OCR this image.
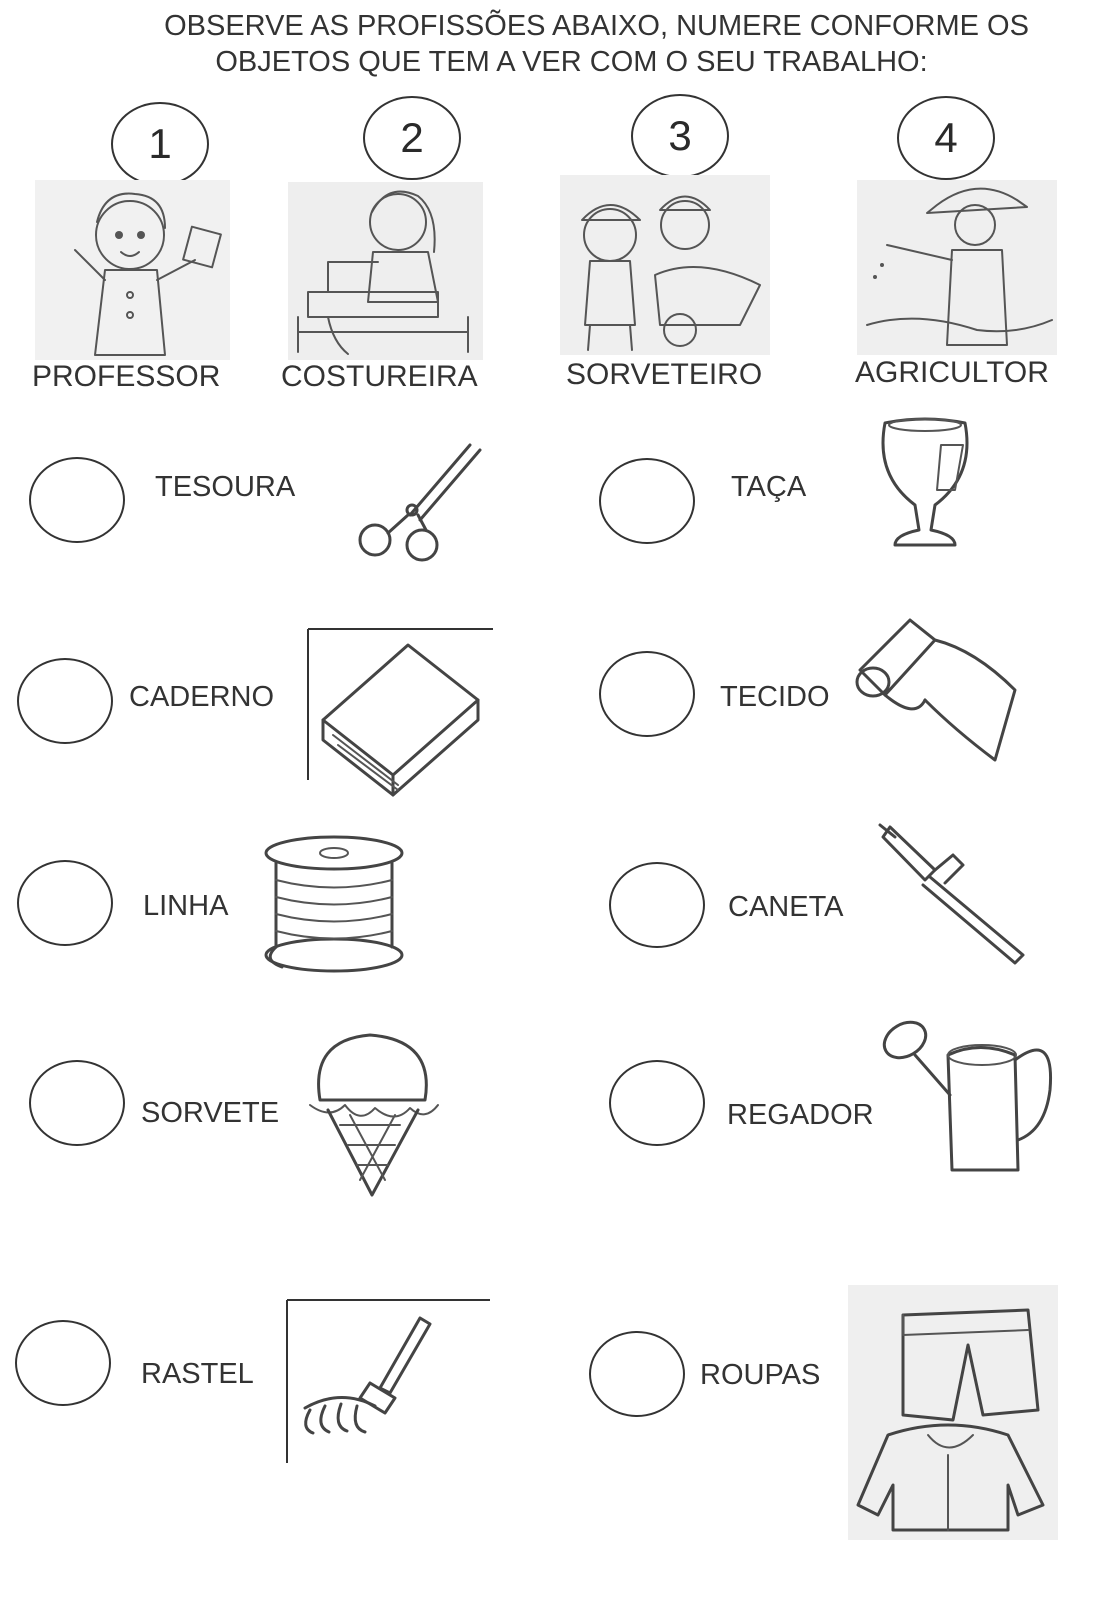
OBSERVE AS PROFISSÕES ABAIXO, NUMERE CONFORME OS
OBJETOS QUE TEM A VER COM O SEU TRABALHO:
1	2	3	4
PROFESSOR COSTUREIRA	SORVETEIRO	AGRICULTOR
TESOURA	TAÇA
CADERNO	TECIDO
LINHA	CANETA
SORVETE	REGADOR
RASTEL	ROUPAS
